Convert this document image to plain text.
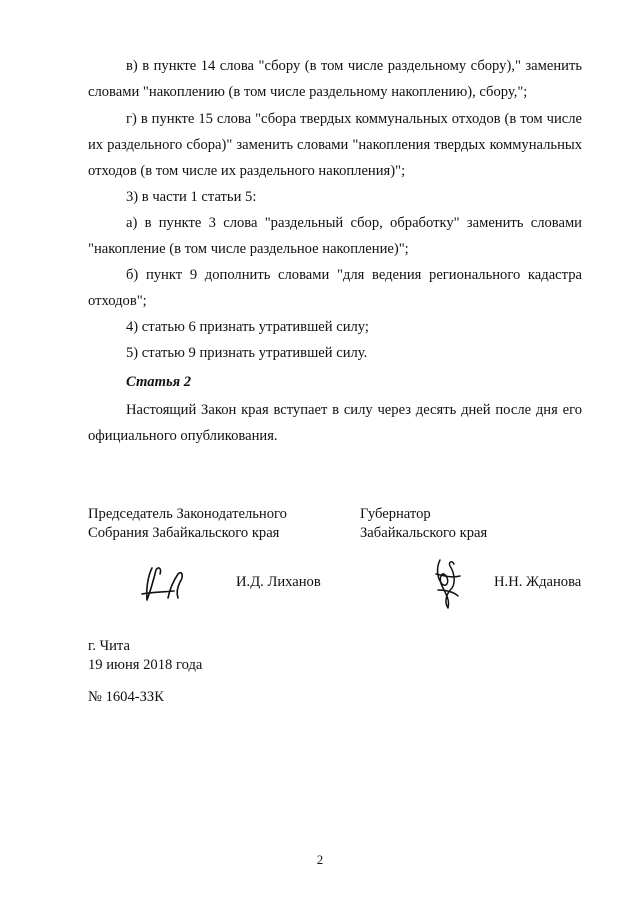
в) в пункте 14 слова "сбору (в том числе раздельному сбору)," заменить словами "накоплению (в том числе раздельному накоплению), сбору,";

г) в пункте 15 слова "сбора твердых коммунальных отходов (в том числе их раздельного сбора)" заменить словами "накопления твердых коммунальных отходов (в том числе их раздельного накопления)";

3) в части 1 статьи 5:

а) в пункте 3 слова "раздельный сбор, обработку" заменить словами "накопление (в том числе раздельное накопление)";

б) пункт 9 дополнить словами "для ведения регионального кадастра отходов";

4) статью 6 признать утратившей силу;

5) статью 9 признать утратившей силу.

Статья 2

Настоящий Закон края вступает в силу через десять дней после дня его официального опубликования.

Председатель Законодательного
Собрания Забайкальского края
Губернатор
Забайкальского края
И.Д. Лиханов	Н.Н. Жданова
г. Чита
19 июня 2018 года
№ 1604-ЗЗК
2
